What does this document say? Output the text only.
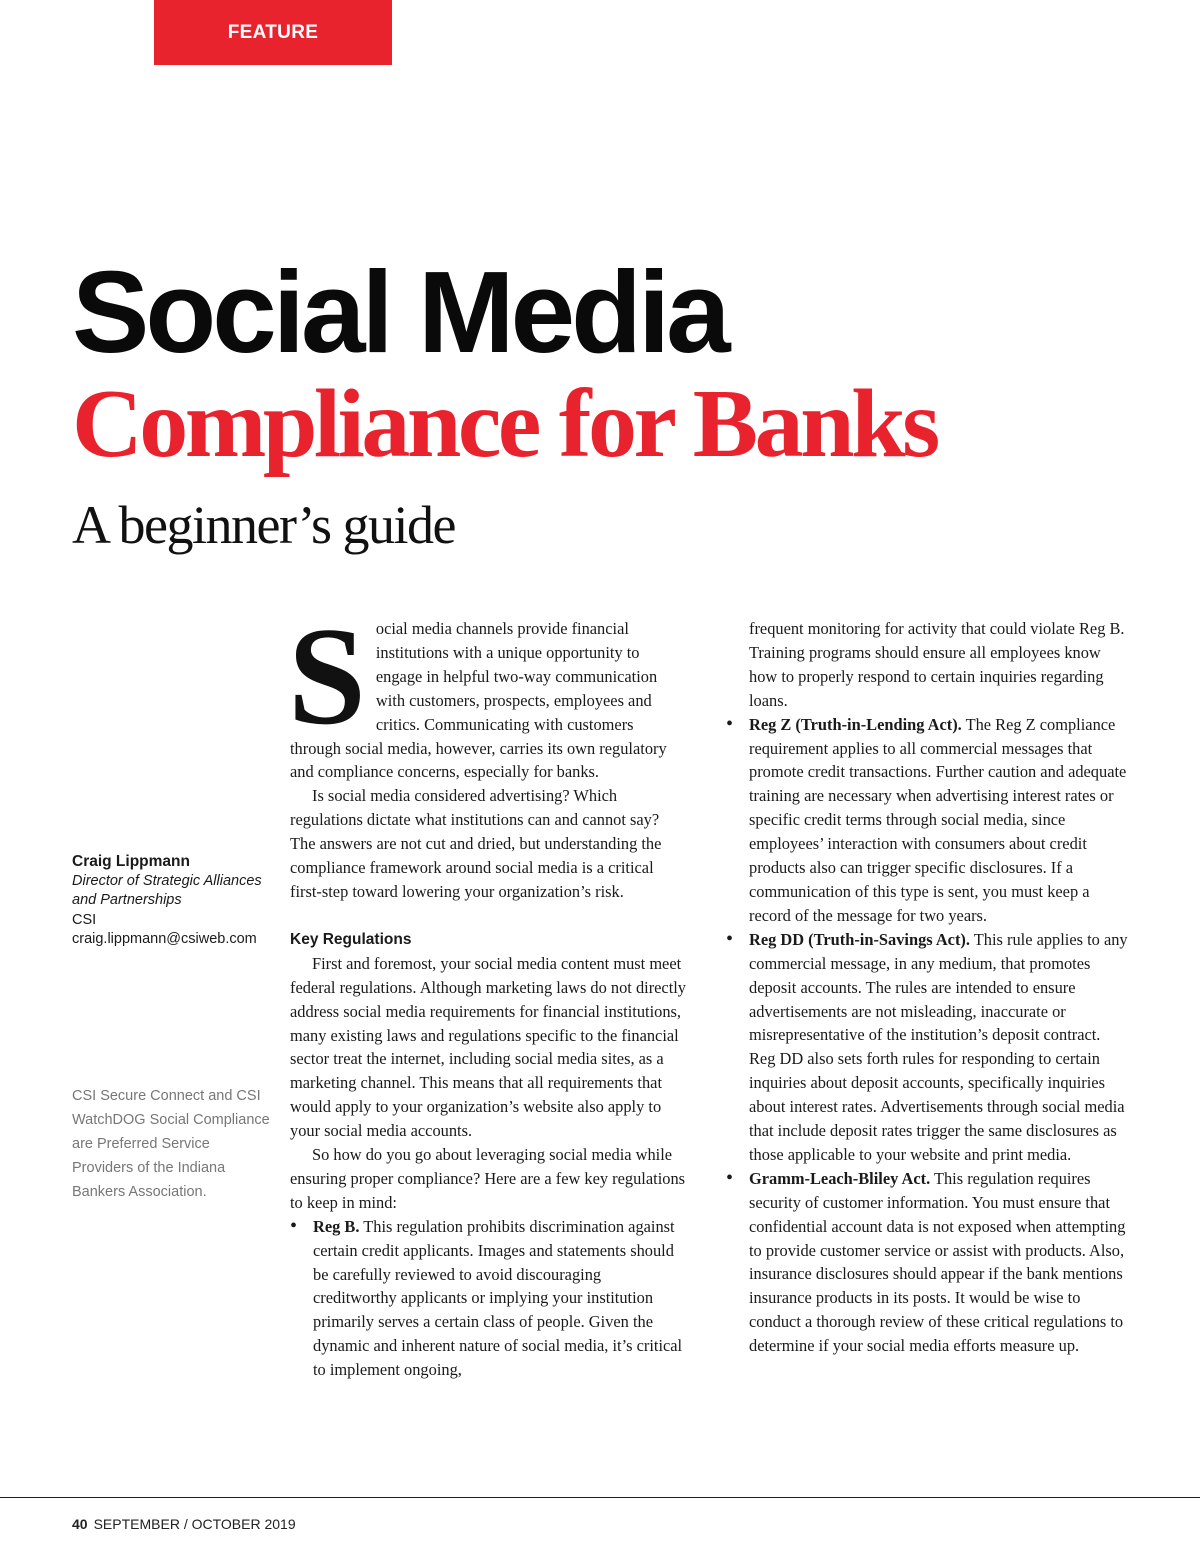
FEATURE
Social Media
Compliance for Banks
A beginner’s guide
Craig Lippmann
Director of Strategic Alliances and Partnerships
CSI
craig.lippmann@csiweb.com
CSI Secure Connect and CSI WatchDOG Social Compliance are Preferred Service Providers of the Indiana Bankers Association.

Social media channels provide financial institutions with a unique opportunity to engage in helpful two-way communication with customers, prospects, employees and critics. Communicating with customers through social media, however, carries its own regulatory and compliance concerns, especially for banks.

Is social media considered advertising? Which regulations dictate what institutions can and cannot say? The answers are not cut and dried, but understanding the compliance framework around social media is a critical first-step toward lowering your organization’s risk.

Key Regulations

First and foremost, your social media content must meet federal regulations. Although marketing laws do not directly address social media requirements for financial institutions, many existing laws and regulations specific to the financial sector treat the internet, including social media sites, as a marketing channel. This means that all requirements that would apply to your organization’s website also apply to your social media accounts.

So how do you go about leveraging social media while ensuring proper compliance? Here are a few key regulations to keep in mind:

• Reg B. This regulation prohibits discrimination against certain credit applicants. Images and statements should be carefully reviewed to avoid discouraging creditworthy applicants or implying your institution primarily serves a certain class of people. Given the dynamic and inherent nature of social media, it’s critical to implement ongoing,
frequent monitoring for activity that could violate Reg B. Training programs should ensure all employees know how to properly respond to certain inquiries regarding loans.
• Reg Z (Truth-in-Lending Act). The Reg Z compliance requirement applies to all commercial messages that promote credit transactions. Further caution and adequate training are necessary when advertising interest rates or specific credit terms through social media, since employees’ interaction with consumers about credit products also can trigger specific disclosures. If a communication of this type is sent, you must keep a record of the message for two years.
• Reg DD (Truth-in-Savings Act). This rule applies to any commercial message, in any medium, that promotes deposit accounts. The rules are intended to ensure advertisements are not misleading, inaccurate or misrepresentative of the institution’s deposit contract. Reg DD also sets forth rules for responding to certain inquiries about deposit accounts, specifically inquiries about interest rates. Advertisements through social media that include deposit rates trigger the same disclosures as those applicable to your website and print media.
• Gramm-Leach-Bliley Act. This regulation requires security of customer information. You must ensure that confidential account data is not exposed when attempting to provide customer service or assist with products. Also, insurance disclosures should appear if the bank mentions insurance products in its posts. It would be wise to conduct a thorough review of these critical regulations to determine if your social media efforts measure up.
40 SEPTEMBER / OCTOBER 2019
